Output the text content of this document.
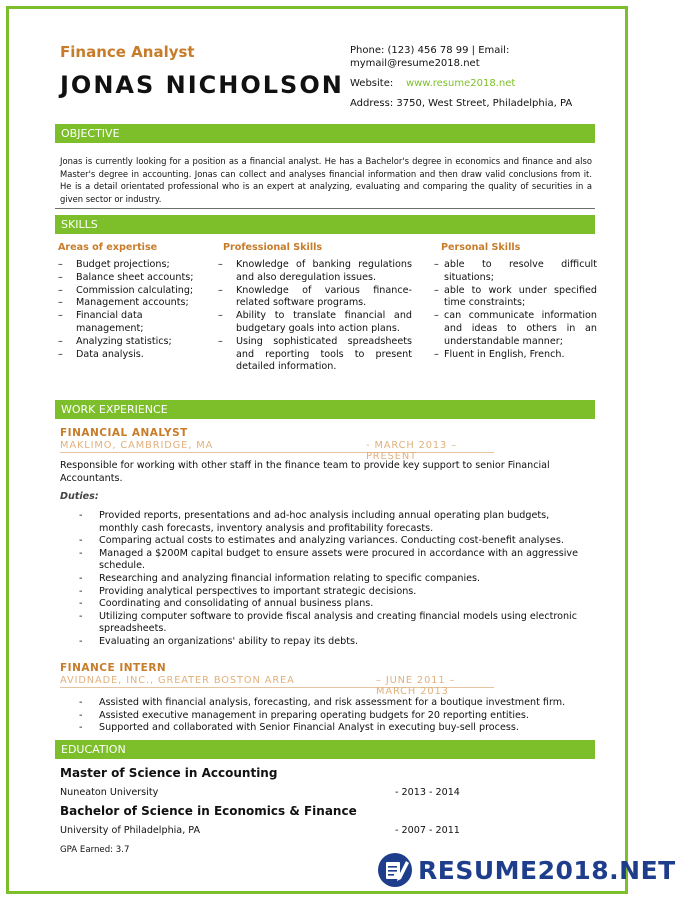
Finance Analyst
JONAS NICHOLSON
Phone: (123) 456 78 99 | Email:
mymail@resume2018.net
Website: www.resume2018.net
Address: 3750, West Street, Philadelphia, PA
OBJECTIVE
Jonas is currently looking for a position as a financial analyst. He has a Bachelor's degree in economics and finance and also Master's degree in accounting. Jonas can collect and analyses financial information and then draw valid conclusions from it. He is a detail orientated professional who is an expert at analyzing, evaluating and comparing the quality of securities in a given sector or industry.
SKILLS
Areas of expertise
– Budget projections;
– Balance sheet accounts;
– Commission calculating;
– Management accounts;
– Financial data management;
– Analyzing statistics;
– Data analysis.
Professional Skills
– Knowledge of banking regulations and also deregulation issues.
– Knowledge of various finance-related software programs.
– Ability to translate financial and budgetary goals into action plans.
– Using sophisticated spreadsheets and reporting tools to present detailed information.
Personal Skills
– able to resolve difficult situations;
– able to work under specified time constraints;
– can communicate information and ideas to others in an understandable manner;
– Fluent in English, French.
WORK EXPERIENCE
FINANCIAL ANALYST
MAKLIMO, CAMBRIDGE, MA	- MARCH 2013 – PRESENT
Responsible for working with other staff in the finance team to provide key support to senior Financial Accountants.
Duties:
- Provided reports, presentations and ad-hoc analysis including annual operating plan budgets, monthly cash forecasts, inventory analysis and profitability forecasts.
- Comparing actual costs to estimates and analyzing variances. Conducting cost-benefit analyses.
- Managed a $200M capital budget to ensure assets were procured in accordance with an aggressive schedule.
- Researching and analyzing financial information relating to specific companies.
- Providing analytical perspectives to important strategic decisions.
- Coordinating and consolidating of annual business plans.
- Utilizing computer software to provide fiscal analysis and creating financial models using electronic spreadsheets.
- Evaluating an organizations' ability to repay its debts.
FINANCE INTERN
AVIDNADE, INC., GREATER BOSTON AREA	– JUNE 2011 – MARCH 2013
- Assisted with financial analysis, forecasting, and risk assessment for a boutique investment firm.
- Assisted executive management in preparing operating budgets for 20 reporting entities.
- Supported and collaborated with Senior Financial Analyst in executing buy-sell process.
EDUCATION
Master of Science in Accounting
Nuneaton University	- 2013 - 2014
Bachelor of Science in Economics & Finance
University of Philadelphia, PA	- 2007 - 2011
GPA Earned: 3.7
RESUME2018.NET
